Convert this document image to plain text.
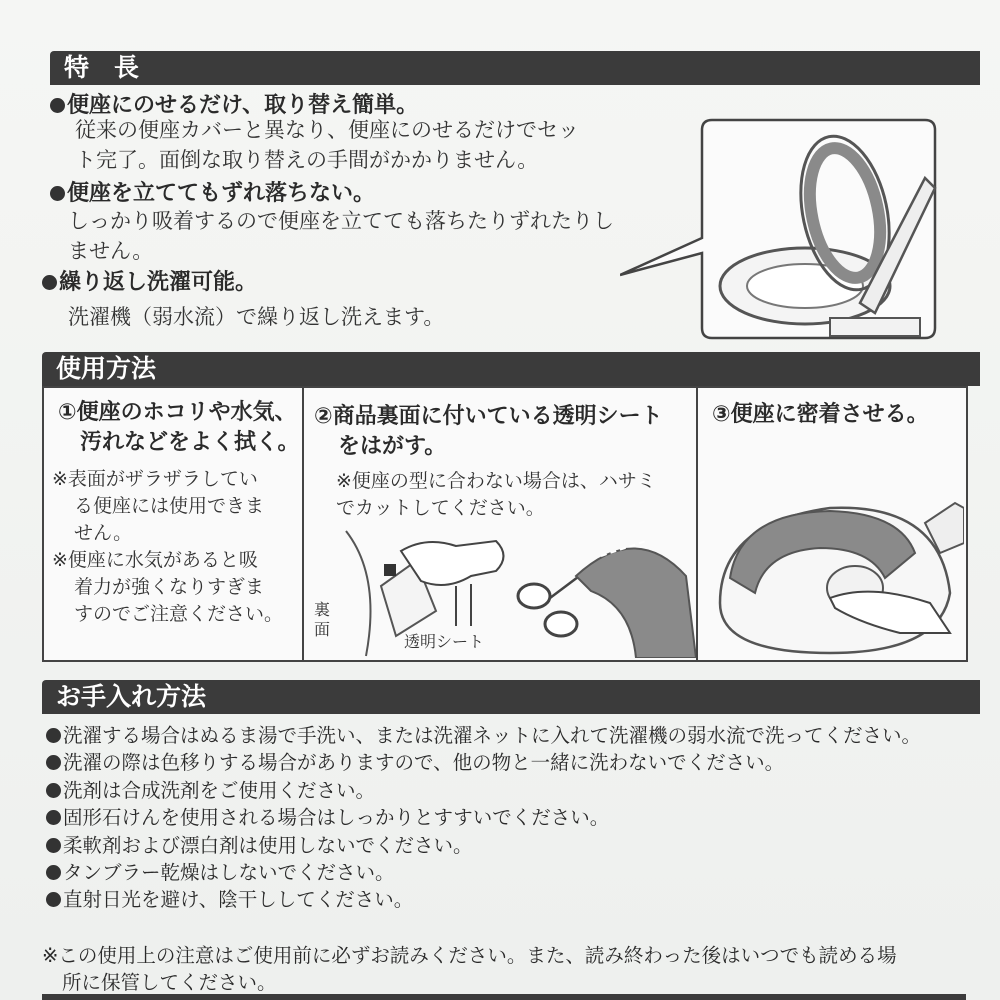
特　長
便座にのせるだけ、取り替え簡単。
従来の便座カバーと異なり、便座にのせるだけでセッ
ト完了。面倒な取り替えの手間がかかりません。
便座を立ててもずれ落ちない。
しっかり吸着するので便座を立てても落ちたりずれたりし
ません。
繰り返し洗濯可能。
洗濯機（弱水流）で繰り返し洗えます。
使用方法
①便座のホコリや水気、
汚れなどをよく拭く。
※表面がザラザラしてい
る便座には使用できま
せん。
※便座に水気があると吸
着力が強くなりすぎま
すのでご注意ください。
②商品裏面に付いている透明シート
をはがす。
※便座の型に合わない場合は、ハサミ
でカットしてください。
裏
面
透明シート
③便座に密着させる。
お手入れ方法
洗濯する場合はぬるま湯で手洗い、または洗濯ネットに入れて洗濯機の弱水流で洗ってください。
洗濯の際は色移りする場合がありますので、他の物と一緒に洗わないでください。
洗剤は合成洗剤をご使用ください。
固形石けんを使用される場合はしっかりとすすいでください。
柔軟剤および漂白剤は使用しないでください。
タンブラー乾燥はしないでください。
直射日光を避け、陰干ししてください。
※この使用上の注意はご使用前に必ずお読みください。また、読み終わった後はいつでも読める場
所に保管してください。
